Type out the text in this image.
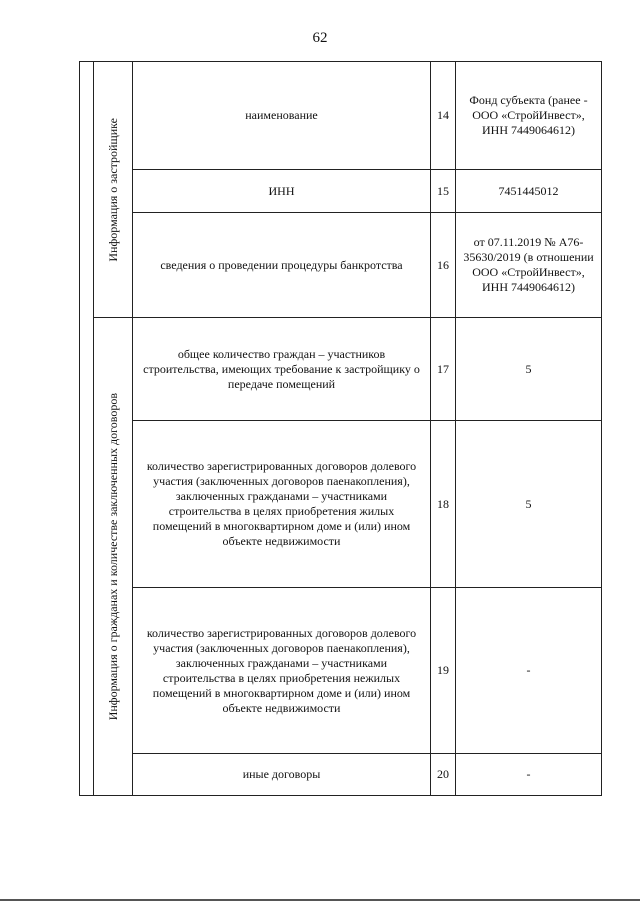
62

	Информация о застройщике	наименование	14	Фонд субъекта (ранее - ООО «СтройИнвест», ИНН 7449064612)
		ИНН	15	7451445012
		сведения о проведении процедуры банкротства	16	от 07.11.2019 № А76-35630/2019 (в отношении ООО «СтройИнвест», ИНН 7449064612)

	Информация о гражданах и количестве заключенных договоров	общее количество граждан – участников строительства, имеющих требование к застройщику о передаче помещений	17	5
		количество зарегистрированных договоров долевого участия (заключенных договоров паенакопления), заключенных гражданами – участниками строительства в целях приобретения жилых помещений в многоквартирном доме и (или) ином объекте недвижимости	18	5
		количество зарегистрированных договоров долевого участия (заключенных договоров паенакопления), заключенных гражданами – участниками строительства в целях приобретения нежилых помещений в многоквартирном доме и (или) ином объекте недвижимости	19	-
		иные договоры	20	-
